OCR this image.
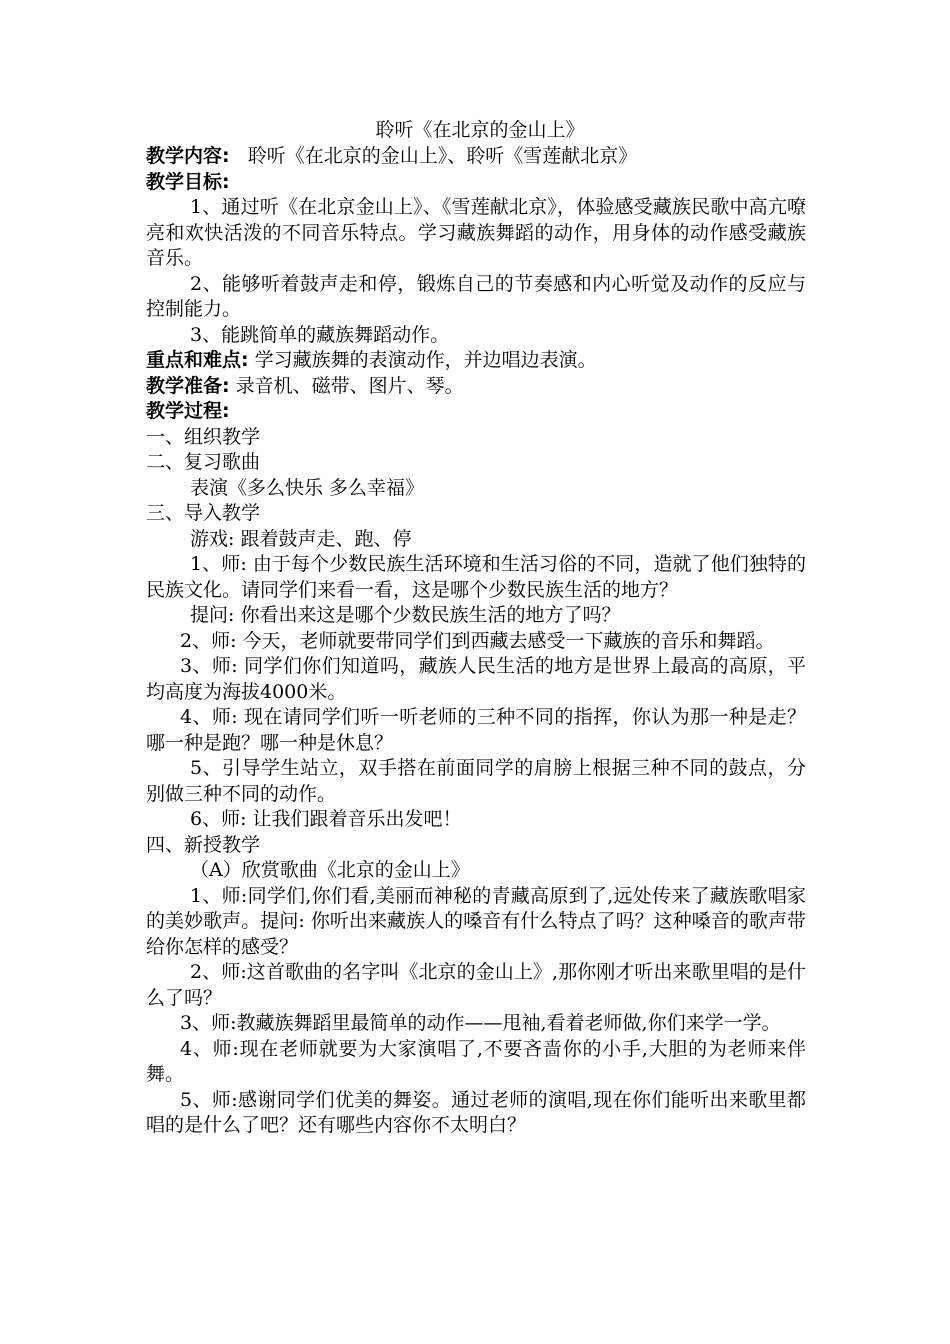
聆听《在北京的金山上》

教学内容: 聆听《在北京的金山上》、聆听《雪莲献北京》

教学目标:

1、通过听《在北京金山上》、《雪莲献北京》，体验感受藏族民歌中高亢嘹亮和欢快活泼的不同音乐特点。学习藏族舞蹈的动作，用身体的动作感受藏族音乐。

2、能够听着鼓声走和停，锻炼自己的节奏感和内心听觉及动作的反应与控制能力。

3、能跳简单的藏族舞蹈动作。

重点和难点: 学习藏族舞的表演动作，并边唱边表演。

教学准备: 录音机、磁带、图片、琴。

教学过程:

一、组织教学

二、复习歌曲

表演《多么快乐 多么幸福》

三、导入教学

游戏: 跟着鼓声走、跑、停

1、师: 由于每个少数民族生活环境和生活习俗的不同，造就了他们独特的民族文化。请同学们来看一看，这是哪个少数民族生活的地方？

提问: 你看出来这是哪个少数民族生活的地方了吗？

2、师: 今天，老师就要带同学们到西藏去感受一下藏族的音乐和舞蹈。

3、师: 同学们你们知道吗，藏族人民生活的地方是世界上最高的高原，平均高度为海拔4000米。

4、师: 现在请同学们听一听老师的三种不同的指挥，你认为那一种是走？哪一种是跑？哪一种是休息？

5、引导学生站立，双手搭在前面同学的肩膀上根据三种不同的鼓点，分别做三种不同的动作。

6、师: 让我们跟着音乐出发吧！

四、新授教学

（A）欣赏歌曲《北京的金山上》

1、师:同学们,你们看,美丽而神秘的青藏高原到了,远处传来了藏族歌唱家的美妙歌声。提问: 你听出来藏族人的嗓音有什么特点了吗？这种嗓音的歌声带给你怎样的感受？

2、师:这首歌曲的名字叫《北京的金山上》,那你刚才听出来歌里唱的是什么了吗？

3、师:教藏族舞蹈里最简单的动作——甩袖,看着老师做,你们来学一学。

4、师:现在老师就要为大家演唱了,不要吝啬你的小手,大胆的为老师来伴舞。

5、师:感谢同学们优美的舞姿。通过老师的演唱,现在你们能听出来歌里都唱的是什么了吧？还有哪些内容你不太明白？
